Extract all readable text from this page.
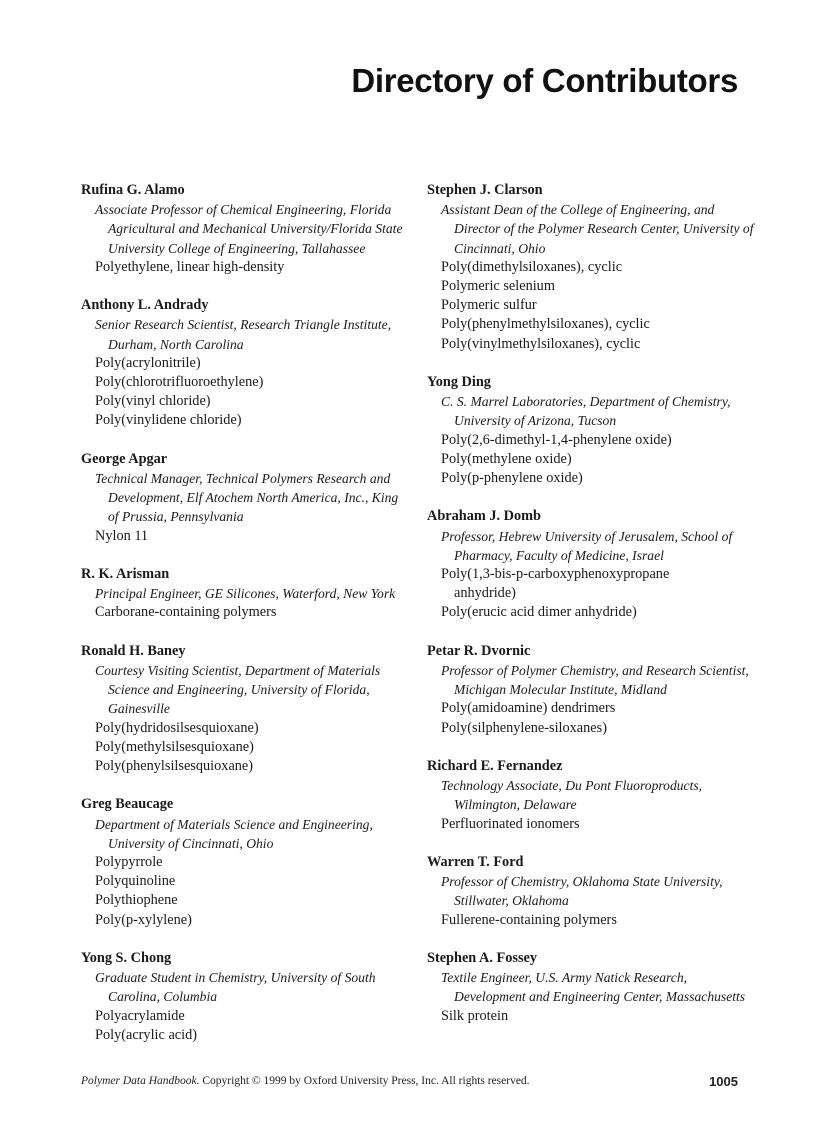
Directory of Contributors
Rufina G. Alamo
Associate Professor of Chemical Engineering, Florida Agricultural and Mechanical University/Florida State University College of Engineering, Tallahassee
Polyethylene, linear high-density
Anthony L. Andrady
Senior Research Scientist, Research Triangle Institute, Durham, North Carolina
Poly(acrylonitrile)
Poly(chlorotrifluoroethylene)
Poly(vinyl chloride)
Poly(vinylidene chloride)
George Apgar
Technical Manager, Technical Polymers Research and Development, Elf Atochem North America, Inc., King of Prussia, Pennsylvania
Nylon 11
R. K. Arisman
Principal Engineer, GE Silicones, Waterford, New York
Carborane-containing polymers
Ronald H. Baney
Courtesy Visiting Scientist, Department of Materials Science and Engineering, University of Florida, Gainesville
Poly(hydridosilsesquioxane)
Poly(methylsilsesquioxane)
Poly(phenylsilsesquioxane)
Greg Beaucage
Department of Materials Science and Engineering, University of Cincinnati, Ohio
Polypyrrole
Polyquinoline
Polythiophene
Poly(p-xylylene)
Yong S. Chong
Graduate Student in Chemistry, University of South Carolina, Columbia
Polyacrylamide
Poly(acrylic acid)
Stephen J. Clarson
Assistant Dean of the College of Engineering, and Director of the Polymer Research Center, University of Cincinnati, Ohio
Poly(dimethylsiloxanes), cyclic
Polymeric selenium
Polymeric sulfur
Poly(phenylmethylsiloxanes), cyclic
Poly(vinylmethylsiloxanes), cyclic
Yong Ding
C. S. Marrel Laboratories, Department of Chemistry, University of Arizona, Tucson
Poly(2,6-dimethyl-1,4-phenylene oxide)
Poly(methylene oxide)
Poly(p-phenylene oxide)
Abraham J. Domb
Professor, Hebrew University of Jerusalem, School of Pharmacy, Faculty of Medicine, Israel
Poly(1,3-bis-p-carboxyphenoxypropane
anhydride)
Poly(erucic acid dimer anhydride)
Petar R. Dvornic
Professor of Polymer Chemistry, and Research Scientist, Michigan Molecular Institute, Midland
Poly(amidoamine) dendrimers
Poly(silphenylene-siloxanes)
Richard E. Fernandez
Technology Associate, Du Pont Fluoroproducts, Wilmington, Delaware
Perfluorinated ionomers
Warren T. Ford
Professor of Chemistry, Oklahoma State University, Stillwater, Oklahoma
Fullerene-containing polymers
Stephen A. Fossey
Textile Engineer, U.S. Army Natick Research, Development and Engineering Center, Massachusetts
Silk protein
Polymer Data Handbook. Copyright © 1999 by Oxford University Press, Inc. All rights reserved.	1005
